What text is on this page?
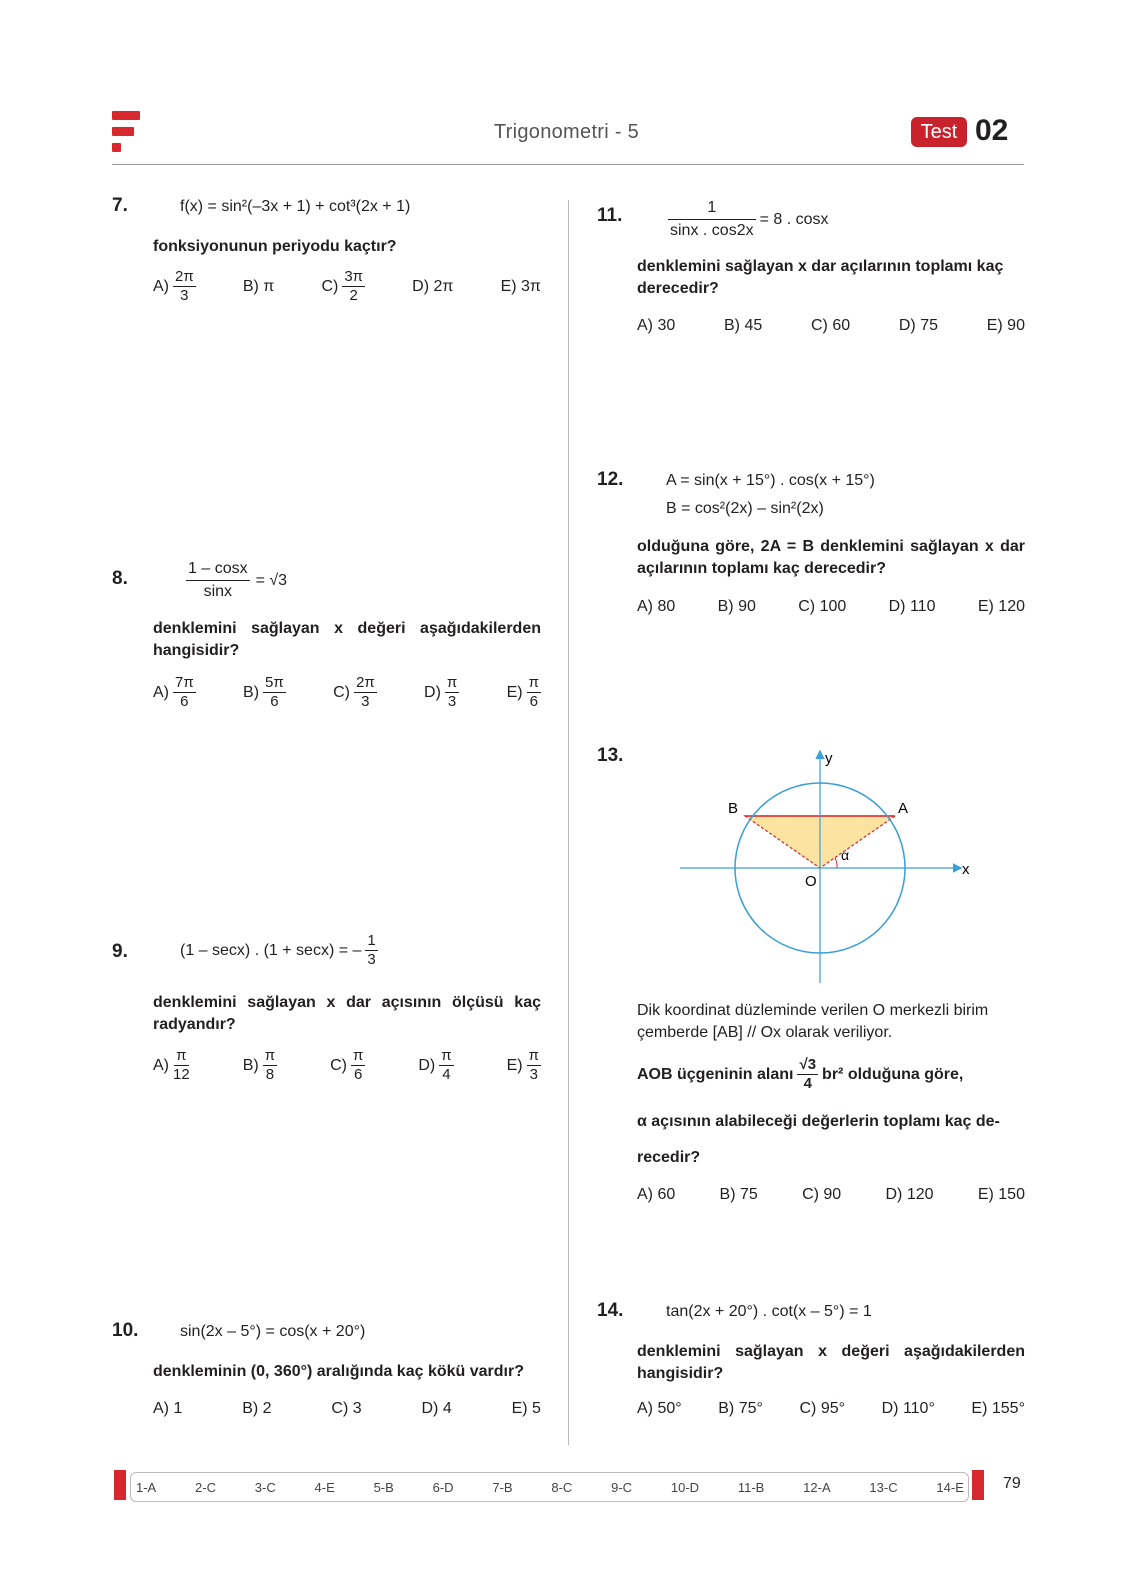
Trigonometri - 5	Test 02
7.	f(x) = sin²(–3x + 1) + cot³(2x + 1)
fonksiyonunun periyodu kaçtır?
$A) \frac{2\pi}{3}$	B)
π	$C) \frac{3\pi}{2}$	D)
2π	E)
3π
8.	$\frac{1 - \cos x}{\sin x} = √3$
denklemini sağlayan x değeri aşağıdakilerden hangisidir?
$A) \frac{7\pi}{6}$	$B) \frac{5\pi}{6}$	$C) \frac{2\pi}{3}$	$D) \frac{\pi}{3}$	$E) \frac{\pi}{6}$
9.	(1 – secx) . (1 + secx) = – $\frac{1}{3}$
denklemini sağlayan x dar açısının ölçüsü kaç radyandır?
$A) \frac{\pi}{12}$	$B) \frac{\pi}{8}$	$C) \frac{\pi}{6}$	$D) \frac{\pi}{4}$	$E) \frac{\pi}{3}$
10.	sin(2x – 5°) = cos(x + 20°)
denkleminin (0, 360°) aralığında kaç kökü vardır?
A)
1	B)
2	C)
3	D)
4	E)
5
11.	$\frac{1}{\sin x . \cos 2x} = 8$ . cosx
denklemini sağlayan x dar açılarının toplamı kaç derecedir?
A)
30	B)
45	C)
60	D)
75	E)
90
12.	A = sin(x + 15°) . cos(x + 15°)
B = cos²(2x) – sin²(2x)
olduğuna göre, 2A = B denklemini sağlayan x dar açılarının toplamı kaç derecedir?
A)
80	B)
90	C)
100	D)
110	E)
120
13.	y
x
B	A
O
α
Dik koordinat düzleminde verilen O merkezli birim çemberde [AB] // Ox olarak veriliyor.
AOB üçgeninin alanı $\frac{√3}{4} br^2$ olduğuna göre,
α açısının alabileceği değerlerin toplamı kaç de-
recedir?
A)
60	B)
75	C)
90	D)
120	E)
150
14.	tan(2x + 20°) . cot(x – 5°) = 1
denklemini sağlayan x değeri aşağıdakilerden hangisidir?
A)
50° B)
75° C)
95° D)
110° E)
155°
1-A	2-C	3-C	4-E	5-B	6-D	7-B	8-C	9-C	10-D	11-B	12-A	13-C	14-E 79
